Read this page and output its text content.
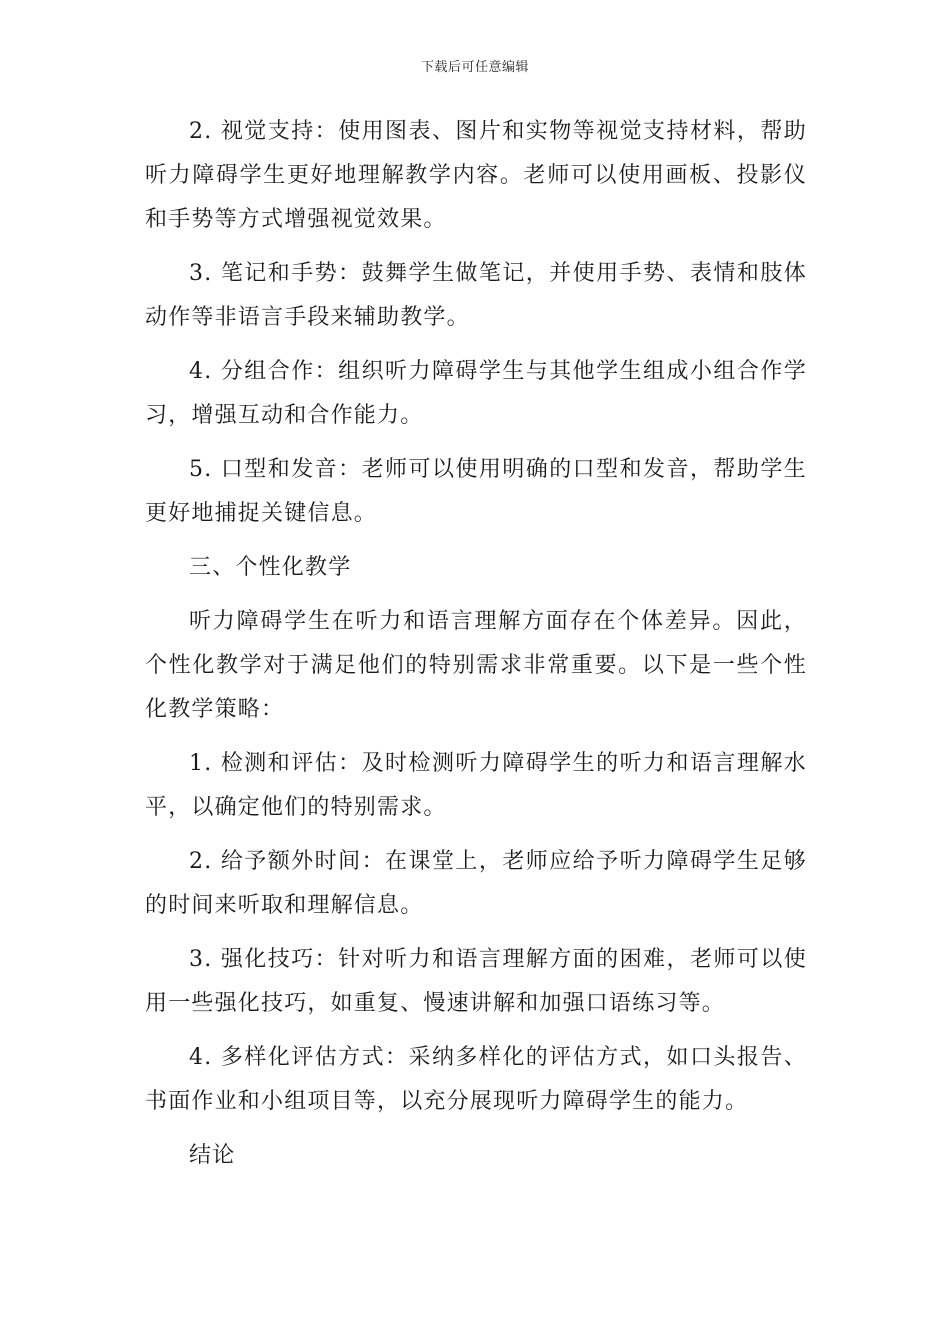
下载后可任意编辑

2. 视觉支持：使用图表、图片和实物等视觉支持材料，帮助听力障碍学生更好地理解教学内容。老师可以使用画板、投影仪和手势等方式增强视觉效果。

3. 笔记和手势：鼓舞学生做笔记，并使用手势、表情和肢体动作等非语言手段来辅助教学。

4. 分组合作：组织听力障碍学生与其他学生组成小组合作学习，增强互动和合作能力。

5. 口型和发音：老师可以使用明确的口型和发音，帮助学生更好地捕捉关键信息。

三、个性化教学

听力障碍学生在听力和语言理解方面存在个体差异。因此，个性化教学对于满足他们的特别需求非常重要。以下是一些个性化教学策略：

1. 检测和评估：及时检测听力障碍学生的听力和语言理解水平，以确定他们的特别需求。

2. 给予额外时间：在课堂上，老师应给予听力障碍学生足够的时间来听取和理解信息。

3. 强化技巧：针对听力和语言理解方面的困难，老师可以使用一些强化技巧，如重复、慢速讲解和加强口语练习等。

4. 多样化评估方式：采纳多样化的评估方式，如口头报告、书面作业和小组项目等，以充分展现听力障碍学生的能力。

结论
